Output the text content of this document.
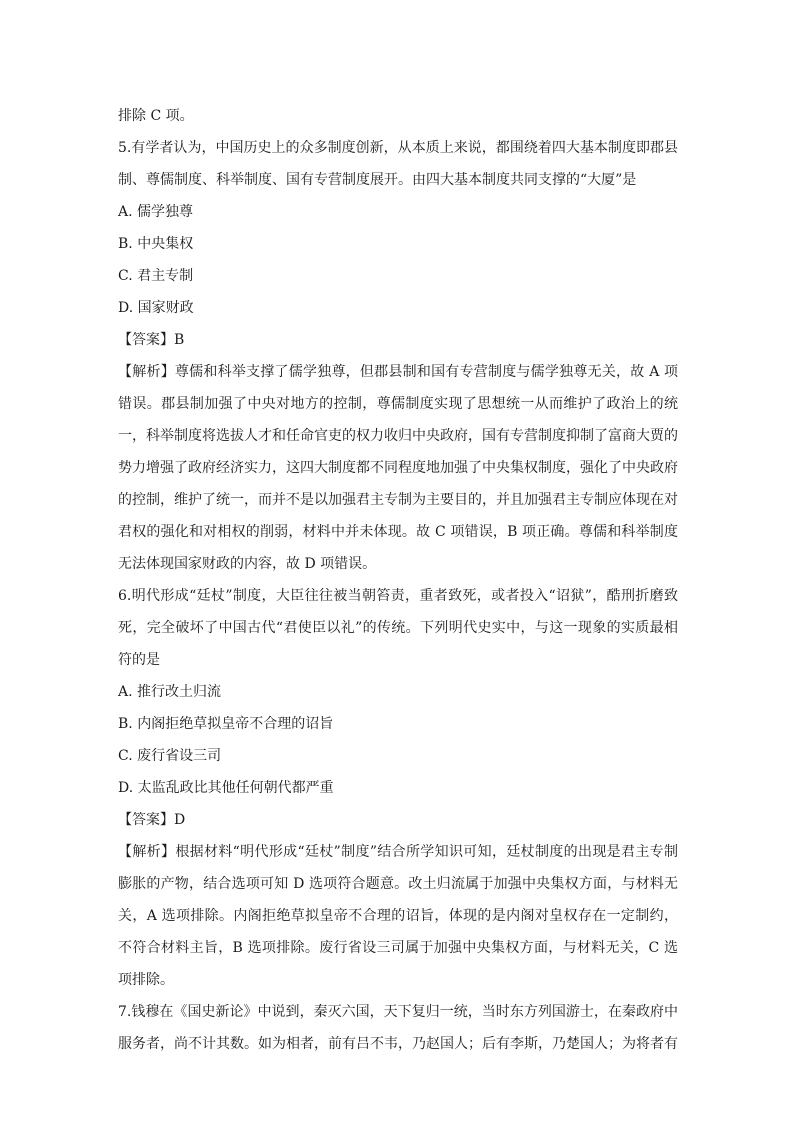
排除 C 项。
5.有学者认为，中国历史上的众多制度创新，从本质上来说，都围绕着四大基本制度即郡县制、尊儒制度、科举制度、国有专营制度展开。由四大基本制度共同支撑的“大厦”是
A. 儒学独尊
B. 中央集权
C. 君主专制
D. 国家财政
【答案】B
【解析】尊儒和科举支撑了儒学独尊，但郡县制和国有专营制度与儒学独尊无关，故 A 项错误。郡县制加强了中央对地方的控制，尊儒制度实现了思想统一从而维护了政治上的统一，科举制度将选拔人才和任命官吏的权力收归中央政府，国有专营制度抑制了富商大贾的势力增强了政府经济实力，这四大制度都不同程度地加强了中央集权制度，强化了中央政府的控制，维护了统一，而并不是以加强君主专制为主要目的，并且加强君主专制应体现在对君权的强化和对相权的削弱，材料中并未体现。故 C 项错误，B 项正确。尊儒和科举制度无法体现国家财政的内容，故 D 项错误。
6.明代形成“廷杖”制度，大臣往往被当朝笞责，重者致死，或者投入“诏狱”，酷刑折磨致死，完全破坏了中国古代“君使臣以礼”的传统。下列明代史实中，与这一现象的实质最相符的是
A. 推行改土归流
B. 内阁拒绝草拟皇帝不合理的诏旨
C. 废行省设三司
D. 太监乱政比其他任何朝代都严重
【答案】D
【解析】根据材料“明代形成“廷杖”制度”结合所学知识可知，廷杖制度的出现是君主专制膨胀的产物，结合选项可知 D 选项符合题意。改土归流属于加强中央集权方面，与材料无关，A 选项排除。内阁拒绝草拟皇帝不合理的诏旨，体现的是内阁对皇权存在一定制约，不符合材料主旨，B 选项排除。废行省设三司属于加强中央集权方面，与材料无关，C 选项排除。
7.钱穆在《国史新论》中说到，秦灭六国，天下复归一统，当时东方列国游士，在秦政府中服务者，尚不计其数。如为相者，前有吕不韦，乃赵国人；后有李斯，乃楚国人；为将者有
